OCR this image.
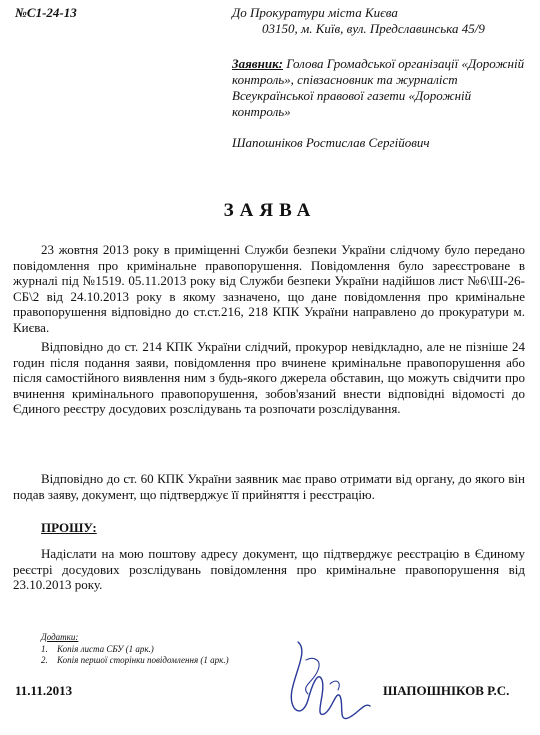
№С1-24-13	До Прокуратури міста Києва
03150, м. Київ, вул. Предславинська 45/9
Заявник: Голова Громадської організації «Дорожній контроль», співзасновник та журналіст Всеукраїнської правової газети «Дорожній контроль»
Шапошніков Ростислав Сергійович
ЗАЯВА
23 жовтня 2013 року в приміщенні Служби безпеки України слідчому було передано повідомлення про кримінальне правопорушення. Повідомлення було зареєстроване в журналі під №1519. 05.11.2013 року від Служби безпеки України надійшов лист №6\Ш-26-СБ\2 від 24.10.2013 року в якому зазначено, що дане повідомлення про кримінальне правопорушення відповідно до ст.ст.216, 218 КПК України направлено до прокуратури м. Києва.
Відповідно до ст. 214 КПК України слідчий, прокурор невідкладно, але не пізніше 24 годин після подання заяви, повідомлення про вчинене кримінальне правопорушення або після самостійного виявлення ним з будь-якого джерела обставин, що можуть свідчити про вчинення кримінального правопорушення, зобов'язаний внести відповідні відомості до Єдиного реєстру досудових розслідувань та розпочати розслідування.
Відповідно до ст. 60 КПК України заявник має право отримати від органу, до якого він подав заяву, документ, що підтверджує її прийняття і реєстрацію.
ПРОШУ:
Надіслати на мою поштову адресу документ, що підтверджує реєстрацію в Єдиному реєстрі досудових розслідувань повідомлення про кримінальне правопорушення від 23.10.2013 року.
Додатки:
1. Копія листа СБУ (1 арк.)
2. Копія першої сторінки повідомлення (1 арк.)
11.11.2013	ШАПОШНІКОВ Р.С.
